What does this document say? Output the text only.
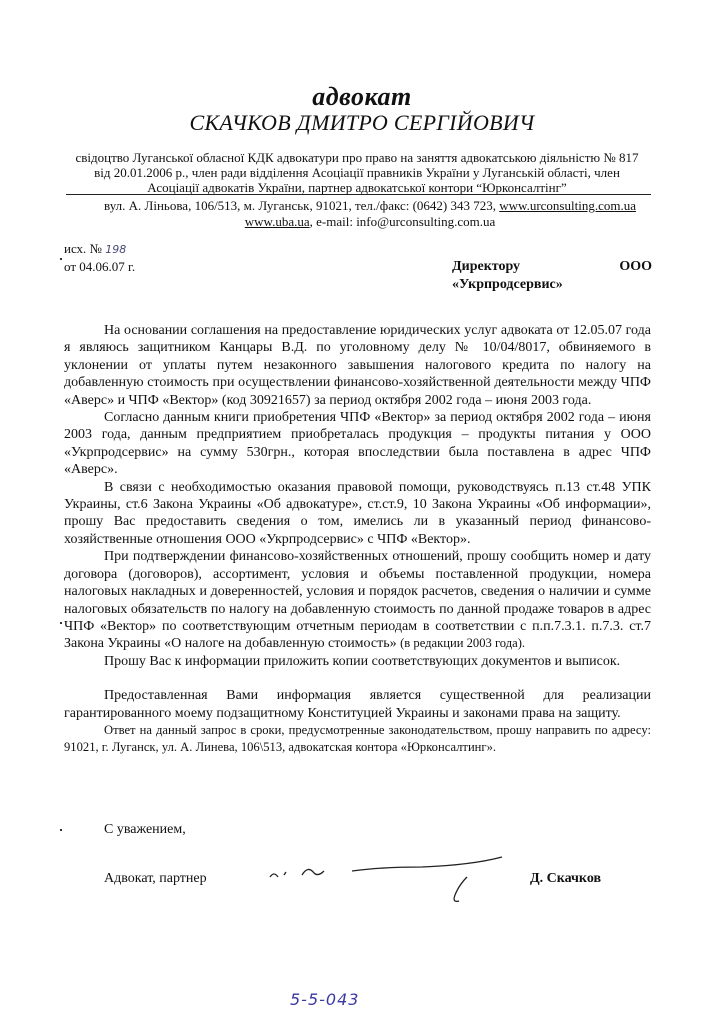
адвокат
СКАЧКОВ ДМИТРО СЕРГІЙОВИЧ
свідоцтво Луганської обласної КДК адвокатури про право на заняття адвокатською діяльністю № 817 від 20.01.2006 р., член ради відділення Асоціації правників України у Луганській області, член Асоціації адвокатів України, партнер адвокатської контори “Юрконсалтінг”
вул. А. Ліньова, 106/513, м. Луганськ, 91021, тел./факс: (0642) 343 723, www.urconsulting.com.ua
www.uba.ua, e-mail: info@urconsulting.com.ua
исх. № 198
от 04.06.07 г.	Директору	ООО
«Укрпродсервис»

На основании соглашения на предоставление юридических услуг адвоката от 12.05.07 года я являюсь защитником Канцары В.Д. по уголовному делу № 10/04/8017, обвиняемого в уклонении от уплаты путем незаконного завышения налогового кредита по налогу на добавленную стоимость при осуществлении финансово-хозяйственной деятельности между ЧПФ «Аверс» и ЧПФ «Вектор» (код 30921657) за период октября 2002 года – июня 2003 года.

Согласно данным книги приобретения ЧПФ «Вектор» за период октября 2002 года – июня 2003 года, данным предприятием приобреталась продукция – продукты питания у ООО «Укрпродсервис» на сумму 530грн., которая впоследствии была поставлена в адрес ЧПФ «Аверс».

В связи с необходимостью оказания правовой помощи, руководствуясь п.13 ст.48 УПК Украины, ст.6 Закона Украины «Об адвокатуре», ст.ст.9, 10 Закона Украины «Об информации», прошу Вас предоставить сведения о том, имелись ли в указанный период финансово-хозяйственные отношения ООО «Укрпродсервис» с ЧПФ «Вектор».

При подтверждении финансово-хозяйственных отношений, прошу сообщить номер и дату договора (договоров), ассортимент, условия и объемы поставленной продукции, номера налоговых накладных и доверенностей, условия и порядок расчетов, сведения о наличии и сумме налоговых обязательств по налогу на добавленную стоимость по данной продаже товаров в адрес ЧПФ «Вектор» по соответствующим отчетным периодам в соответствии с п.п.7.3.1. п.7.3. ст.7 Закона Украины «О налоге на добавленную стоимость» (в редакции 2003 года).

Прошу Вас к информации приложить копии соответствующих документов и выписок.

Предоставленная Вами информация является существенной для реализации гарантированного моему подзащитному Конституцией Украины и законами права на защиту.

Ответ на данный запрос в сроки, предусмотренные законодательством, прошу направить по адресу: 91021, г. Луганск, ул. А. Линева, 106\513, адвокатская контора «Юрконсалтинг».

С уважением,
Адвокат, партнер	Д. Скачков
5-5-043
